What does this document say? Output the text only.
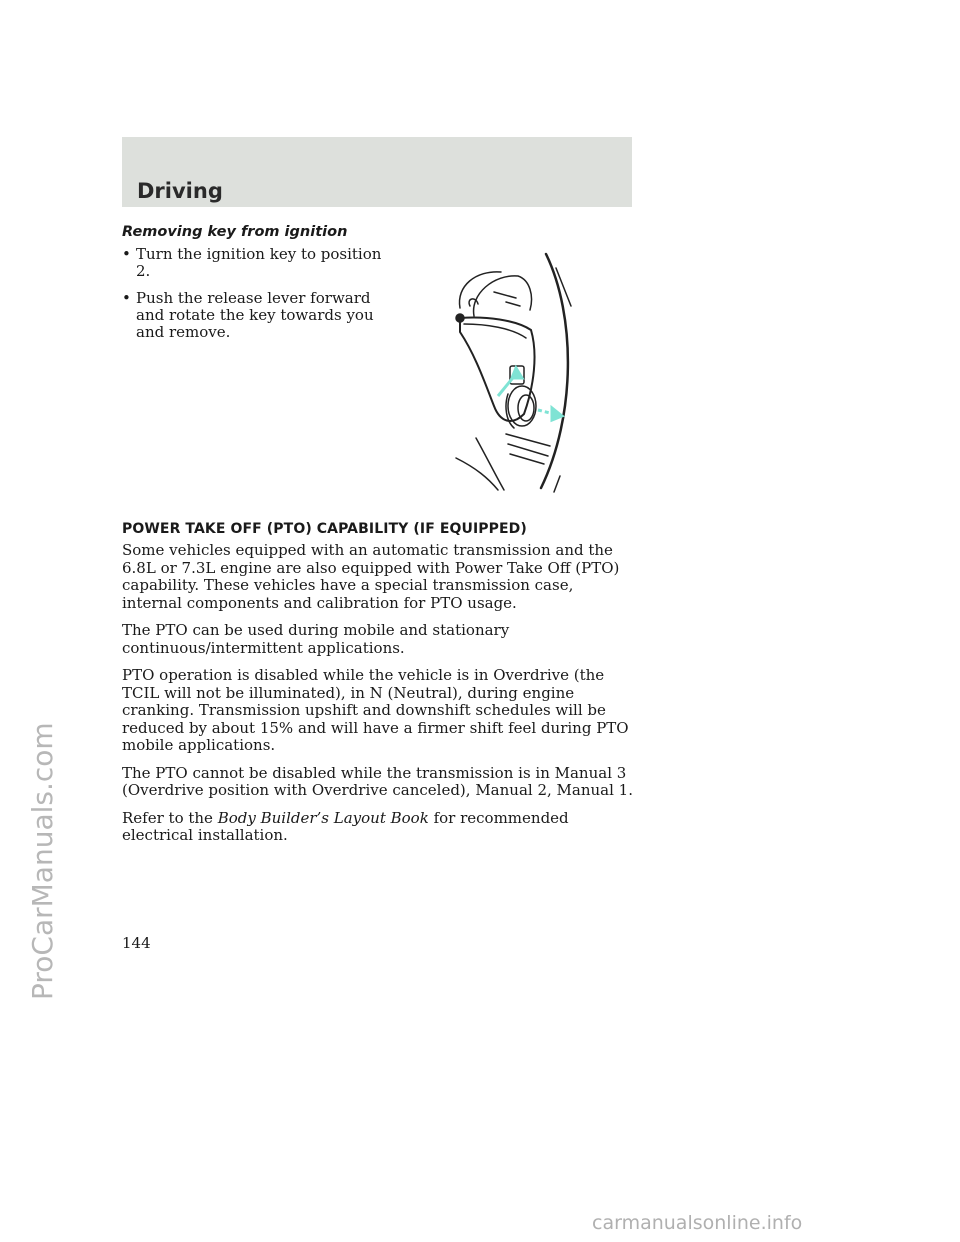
Driving
Removing key from ignition
• Turn the ignition key to position 2.
• Push the release lever forward and rotate the key towards you and remove.
POWER TAKE OFF (PTO) CAPABILITY (IF EQUIPPED)

Some vehicles equipped with an automatic transmission and the 6.8L or 7.3L engine are also equipped with Power Take Off (PTO) capability. These vehicles have a special transmission case, internal components and calibration for PTO usage.

The PTO can be used during mobile and stationary continuous/intermittent applications.

PTO operation is disabled while the vehicle is in Overdrive (the TCIL will not be illuminated), in N (Neutral), during engine cranking. Transmission upshift and downshift schedules will be reduced by about 15% and will have a firmer shift feel during PTO mobile applications.

The PTO cannot be disabled while the transmission is in Manual 3 (Overdrive position with Overdrive canceled), Manual 2, Manual 1.

Refer to the Body Builder’s Layout Book for recommended electrical installation.

144
ProCarManuals.com
carmanualsonline.info
